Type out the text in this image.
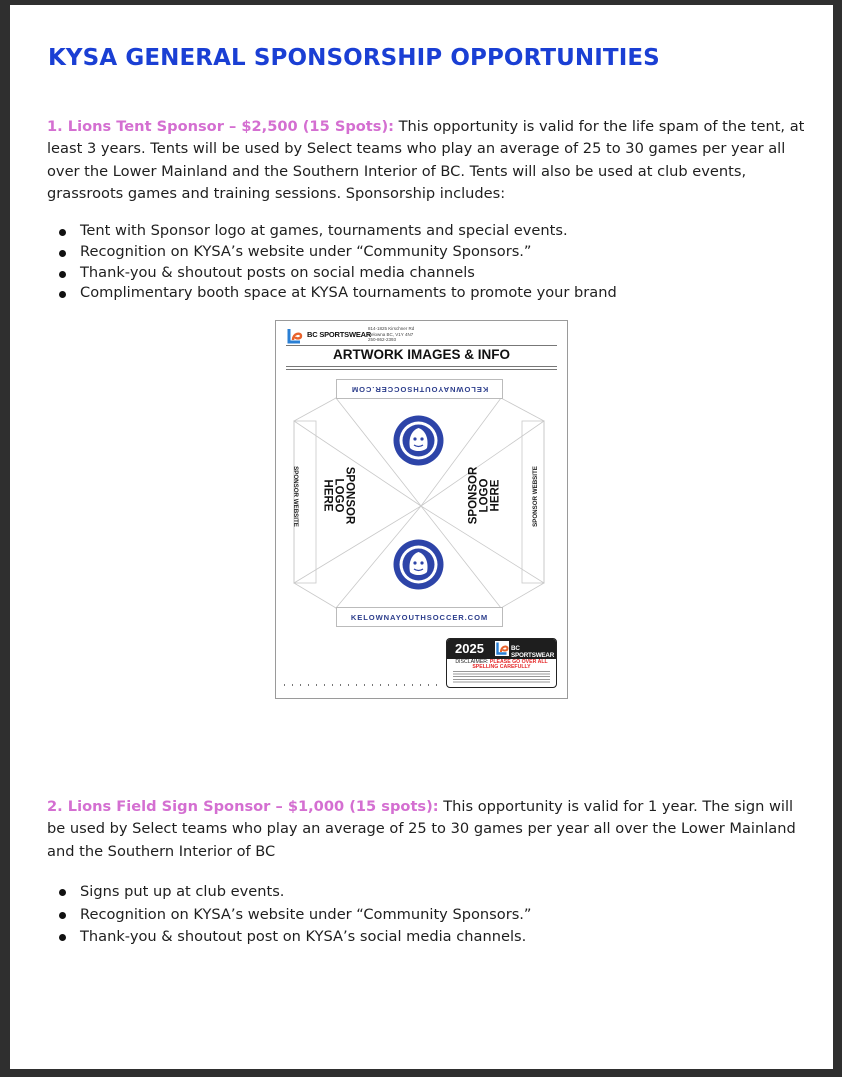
KYSA GENERAL SPONSORSHIP OPPORTUNITIES

1. Lions Tent Sponsor – $2,500 (15 Spots): This opportunity is valid for the life spam of the tent, at least 3 years. Tents will be used by Select teams who play an average of 25 to 30 games per year all over the Lower Mainland and the Southern Interior of BC. Tents will also be used at club events, grassroots games and training sessions. Sponsorship includes:

Tent with Sponsor logo at games, tournaments and special events.
Recognition on KYSA’s website under “Community Sponsors.”
Thank-you & shoutout posts on social media channels
Complimentary booth space at KYSA tournaments to promote your brand
BC SPORTSWEAR
814-1825 Kirschner Rd
Kelowna BC, V1Y 4N7
250-862-2393
ARTWORK IMAGES & INFO
KELOWNAYOUTHSOCCER.COM
KELOWNAYOUTHSOCCER.COM
SPONSOR WEBSITE	SPONSOR WEBSITE
SPONSOR
LOGO
HERE	SPONSOR
LOGO
HERE
2025	BC SPORTSWEAR
DISCLAIMER: PLEASE GO OVER ALL SPELLING CAREFULLY

2. Lions Field Sign Sponsor – $1,000 (15 spots): This opportunity is valid for 1 year. The sign will be used by Select teams who play an average of 25 to 30 games per year all over the Lower Mainland and the Southern Interior of BC

Signs put up at club events.
Recognition on KYSA’s website under “Community Sponsors.”
Thank-you & shoutout post on KYSA’s social media channels.
